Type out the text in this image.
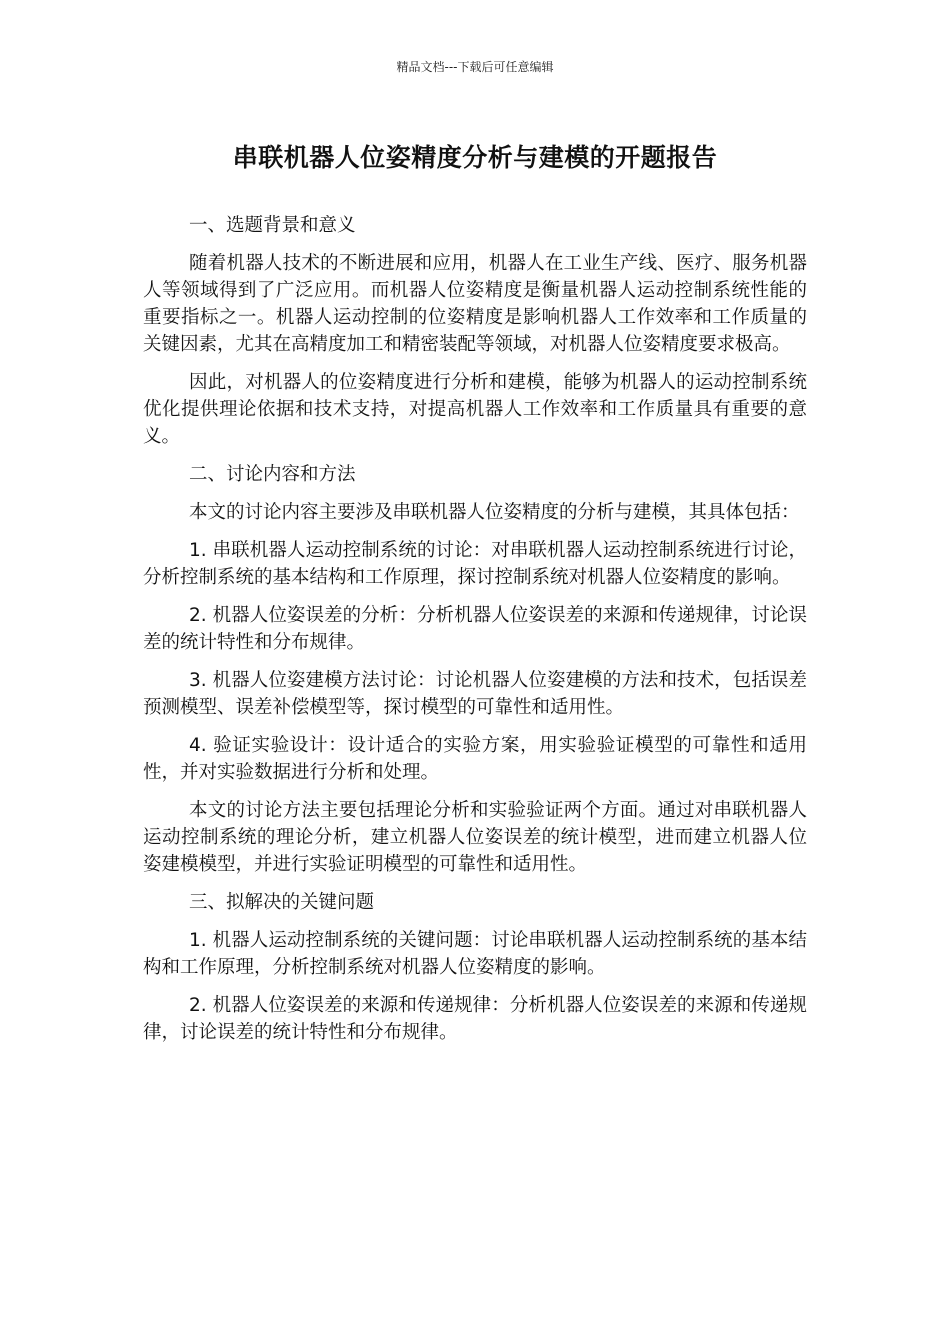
精品文档---下载后可任意编辑
串联机器人位姿精度分析与建模的开题报告

一、选题背景和意义

随着机器人技术的不断进展和应用，机器人在工业生产线、医疗、服务机器人等领域得到了广泛应用。而机器人位姿精度是衡量机器人运动控制系统性能的重要指标之一。机器人运动控制的位姿精度是影响机器人工作效率和工作质量的关键因素，尤其在高精度加工和精密装配等领域，对机器人位姿精度要求极高。

因此，对机器人的位姿精度进行分析和建模，能够为机器人的运动控制系统优化提供理论依据和技术支持，对提高机器人工作效率和工作质量具有重要的意义。

二、讨论内容和方法

本文的讨论内容主要涉及串联机器人位姿精度的分析与建模，其具体包括：

1. 串联机器人运动控制系统的讨论：对串联机器人运动控制系统进行讨论，分析控制系统的基本结构和工作原理，探讨控制系统对机器人位姿精度的影响。

2. 机器人位姿误差的分析：分析机器人位姿误差的来源和传递规律，讨论误差的统计特性和分布规律。

3. 机器人位姿建模方法讨论：讨论机器人位姿建模的方法和技术，包括误差预测模型、误差补偿模型等，探讨模型的可靠性和适用性。

4. 验证实验设计：设计适合的实验方案，用实验验证模型的可靠性和适用性，并对实验数据进行分析和处理。

本文的讨论方法主要包括理论分析和实验验证两个方面。通过对串联机器人运动控制系统的理论分析，建立机器人位姿误差的统计模型，进而建立机器人位姿建模模型，并进行实验证明模型的可靠性和适用性。

三、拟解决的关键问题

1. 机器人运动控制系统的关键问题：讨论串联机器人运动控制系统的基本结构和工作原理，分析控制系统对机器人位姿精度的影响。

2. 机器人位姿误差的来源和传递规律：分析机器人位姿误差的来源和传递规律，讨论误差的统计特性和分布规律。
